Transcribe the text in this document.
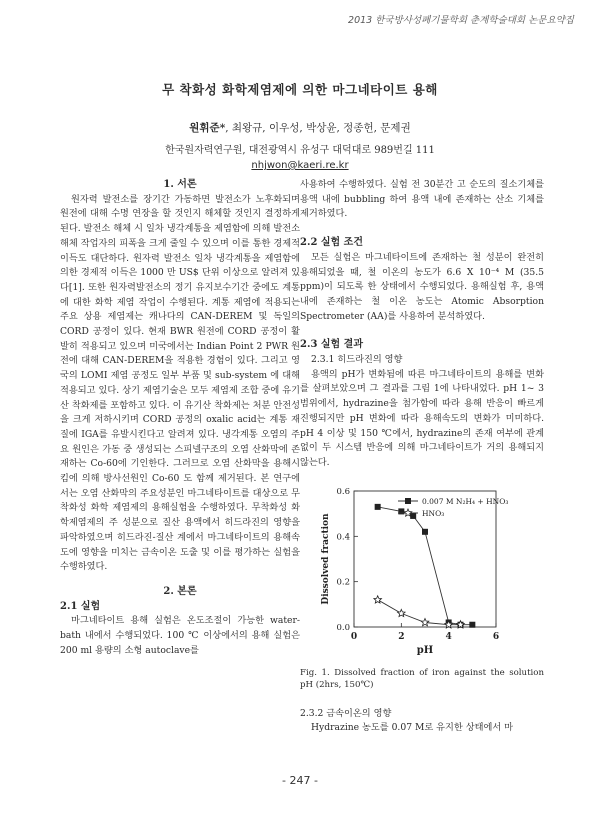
2013 한국방사성폐기물학회 춘계학술대회 논문요약집
무 착화성 화학제염제에 의한 마그네타이트 용해
원휘준*, 최왕규, 이우성, 박상윤, 정종헌, 문제권
한국원자력연구원, 대전광역시 유성구 대덕대로 989번길 111
nhjwon@kaeri.re.kr

1. 서론

원자력 발전소를 장기간 가동하면 발전소가 노후화되며 원전에 대해 수명 연장을 할 것인지 해체할 것인지 결정하게 된다. 발전소 해체 시 일차 냉각계통을 제염함에 의해 발전소 해체 작업자의 피폭을 크게 줄일 수 있으며 이를 통한 경제적 이득도 대단하다. 원자력 발전소 일차 냉각계통을 제염함에 의한 경제적 이득은 1000 만 US$ 단위 이상으로 알려져 있다[1]. 또한 원자력발전소의 정기 유지보수기간 중에도 계통에 대한 화학 제염 작업이 수행된다. 계통 제염에 적용되는 주요 상용 제염제는 캐나다의 CAN-DEREM 및 독일의 CORD 공정이 있다. 현재 BWR 원전에 CORD 공정이 활발히 적용되고 있으며 미국에서는 Indian Point 2 PWR 원전에 대해 CAN-DEREM을 적용한 경험이 있다. 그리고 영국의 LOMI 제염 공정도 일부 부품 및 sub-system 에 대해 적용되고 있다. 상기 제염기술은 모두 제염제 조합 중에 유기산 착화제를 포함하고 있다. 이 유기산 착화제는 처분 안전성을 크게 저하시키며 CORD 공정의 oxalic acid는 계통 재질에 IGA를 유발시킨다고 알려져 있다. 냉각계통 오염의 주요 원인은 가동 중 생성되는 스피넬구조의 오염 산화막에 존재하는 Co-60에 기인한다. 그러므로 오염 산화막을 용해시킴에 의해 방사선원인 Co-60 도 함께 제거된다. 본 연구에서는 오염 산화막의 주요성분인 마그네타이트를 대상으로 무 착화성 화학 제염제의 용해실험을 수행하였다. 무착화성 화학제염제의 주 성분으로 질산 용액에서 히드라진의 영향을 파악하였으며 히드라진-질산 계에서 마그네타이트의 용해속도에 영향을 미치는 금속이온 도출 및 이를 평가하는 실험을 수행하였다.

2. 본론

2.1 실험

마그네타이트 용해 실험은 온도조절이 가능한 water-bath 내에서 수행되었다. 100 ℃ 이상에서의 용해 실험은 200 ml 용량의 소형 autoclave를

사용하여 수행하였다. 실험 전 30분간 고 순도의 질소기체를 용액 내에 bubbling 하여 용액 내에 존재하는 산소 기체를 제거하였다.

2.2 실험 조건

모든 실험은 마그네타이트에 존재하는 철 성분이 완전히 용해되었을 때, 철 이온의 농도가 6.6 X 10⁻⁴ M (35.5 ppm)이 되도록 한 상태에서 수행되었다. 용해실험 후, 용액 내에 존재하는 철 이온 농도는 Atomic Absorption Spectrometer (AA)를 사용하여 분석하였다.

2.3 실험 결과

2.3.1 히드라진의 영향

용액의 pH가 변화됨에 따른 마그네타이트의 용해를 변화를 살펴보았으며 그 결과를 그림 1에 나타내었다. pH 1~ 3 범위에서, hydrazine을 첨가함에 따라 용해 반응이 빠르게 진행되지만 pH 변화에 따라 용해속도의 변화가 미미하다. pH 4 이상 및 150 ℃에서, hydrazine의 존재 여부에 관계없이 두 시스템 반응에 의해 마그네타이트가 거의 용해되지 않는다.

0	2	4	6
0.0
0.2
0.4
0.6
pH
Dissolved fraction
0.007 M N₂H₄ + HNO₃
HNO₃

Fig. 1. Dissolved fraction of iron against the solution pH (2hrs, 150℃)

2.3.2 금속이온의 영향

Hydrazine 농도를 0.07 M로 유지한 상태에서 마

- 247 -
